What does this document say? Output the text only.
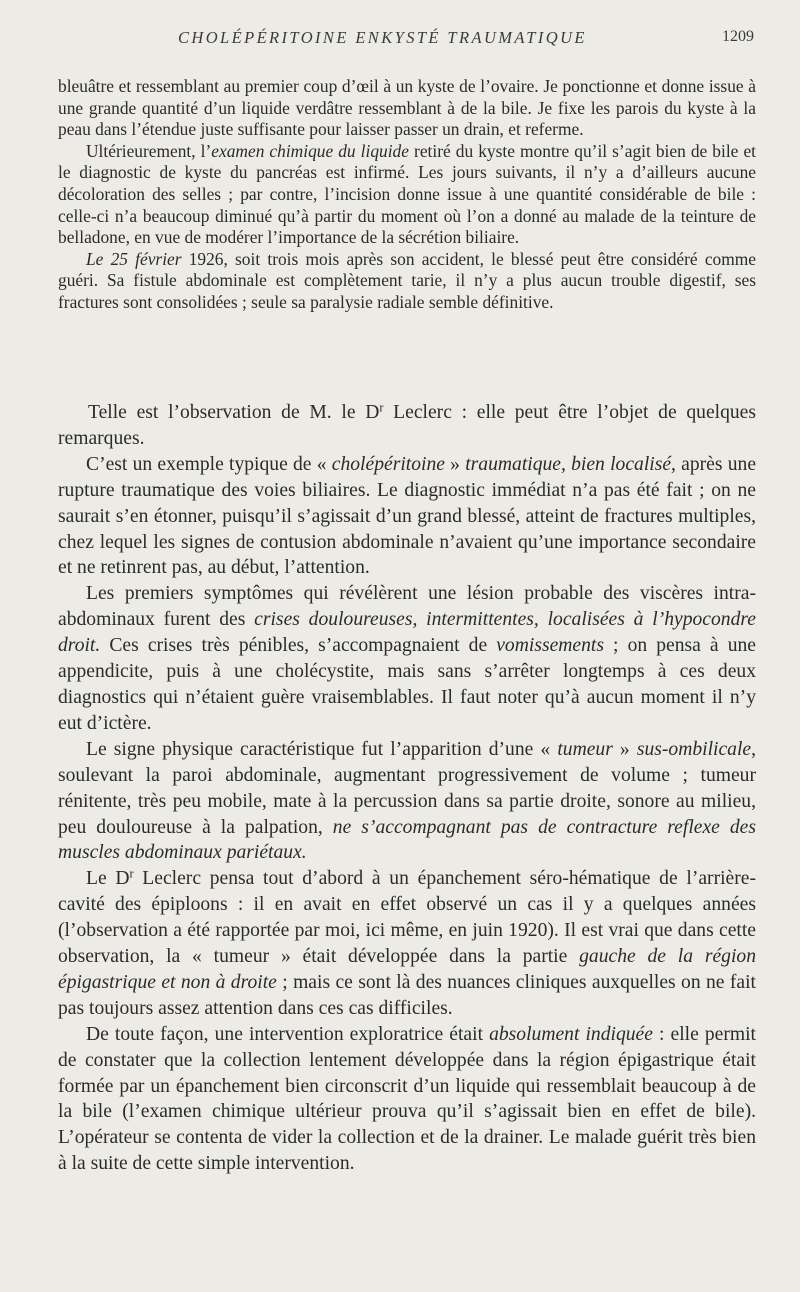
CHOLÉPÉRITOINE ENKYSTÉ TRAUMATIQUE	1209

bleuâtre et ressemblant au premier coup d’œil à un kyste de l’ovaire. Je ponctionne et donne issue à une grande quantité d’un liquide verdâtre ressemblant à de la bile. Je fixe les parois du kyste à la peau dans l’étendue juste suffisante pour laisser passer un drain, et referme.

Ultérieurement, l’examen chimique du liquide retiré du kyste montre qu’il s’agit bien de bile et le diagnostic de kyste du pancréas est infirmé. Les jours suivants, il n’y a d’ailleurs aucune décoloration des selles ; par contre, l’incision donne issue à une quantité considérable de bile : celle-ci n’a beaucoup diminué qu’à partir du moment où l’on a donné au malade de la teinture de belladone, en vue de modérer l’importance de la sécrétion biliaire.

Le 25 février 1926, soit trois mois après son accident, le blessé peut être considéré comme guéri. Sa fistule abdominale est complètement tarie, il n’y a plus aucun trouble digestif, ses fractures sont consolidées ; seule sa paralysie radiale semble définitive.

Telle est l’observation de M. le $D^r$ Leclerc : elle peut être l’objet de quelques remarques.

C’est un exemple typique de « cholépéritoine » traumatique, bien localisé, après une rupture traumatique des voies biliaires. Le diagnostic immédiat n’a pas été fait ; on ne saurait s’en étonner, puisqu’il s’agissait d’un grand blessé, atteint de fractures multiples, chez lequel les signes de contusion abdominale n’avaient qu’une importance secondaire et ne retinrent pas, au début, l’attention.

Les premiers symptômes qui révélèrent une lésion probable des viscères intra-abdominaux furent des crises douloureuses, intermittentes, localisées à l’hypocondre droit. Ces crises très pénibles, s’accompagnaient de vomissements ; on pensa à une appendicite, puis à une cholécystite, mais sans s’arrêter longtemps à ces deux diagnostics qui n’étaient guère vraisemblables. Il faut noter qu’à aucun moment il n’y eut d’ictère.

Le signe physique caractéristique fut l’apparition d’une « tumeur » sus-ombilicale, soulevant la paroi abdominale, augmentant progressivement de volume ; tumeur rénitente, très peu mobile, mate à la percussion dans sa partie droite, sonore au milieu, peu douloureuse à la palpation, ne s’accompagnant pas de contracture reflexe des muscles abdominaux pariétaux.

Le $D^r$ Leclerc pensa tout d’abord à un épanchement séro-hématique de l’arrière-cavité des épiploons : il en avait en effet observé un cas il y a quelques années (l’observation a été rapportée par moi, ici même, en juin 1920). Il est vrai que dans cette observation, la « tumeur » était développée dans la partie gauche de la région épigastrique et non à droite ; mais ce sont là des nuances cliniques auxquelles on ne fait pas toujours assez attention dans ces cas difficiles.

De toute façon, une intervention exploratrice était absolument indiquée : elle permit de constater que la collection lentement développée dans la région épigastrique était formée par un épanchement bien circonscrit d’un liquide qui ressemblait beaucoup à de la bile (l’examen chimique ultérieur prouva qu’il s’agissait bien en effet de bile). L’opérateur se contenta de vider la collection et de la drainer. Le malade guérit très bien à la suite de cette simple intervention.
